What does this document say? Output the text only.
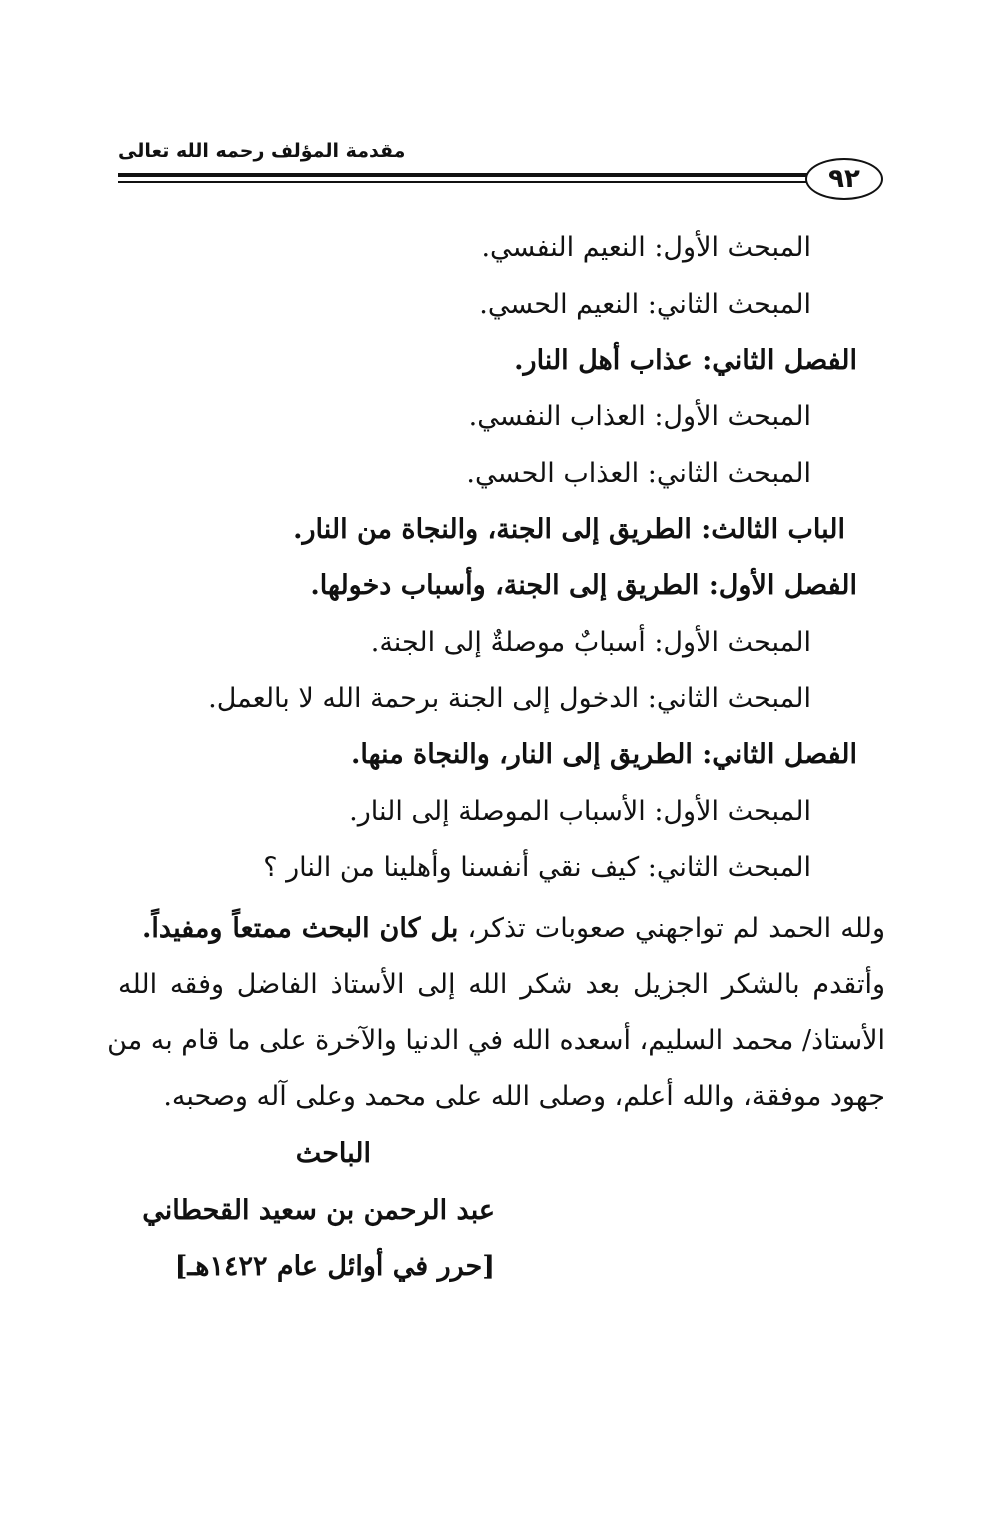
مقدمة المؤلف رحمه الله تعالى
٩٢
المبحث الأول: النعيم النفسي.
المبحث الثاني: النعيم الحسي.
الفصل الثاني: عذاب أهل النار.
المبحث الأول: العذاب النفسي.
المبحث الثاني: العذاب الحسي.
الباب الثالث: الطريق إلى الجنة، والنجاة من النار.
الفصل الأول: الطريق إلى الجنة، وأسباب دخولها.
المبحث الأول: أسبابٌ موصلةٌ إلى الجنة.
المبحث الثاني: الدخول إلى الجنة برحمة الله لا بالعمل.
الفصل الثاني: الطريق إلى النار، والنجاة منها.
المبحث الأول: الأسباب الموصلة إلى النار.
المبحث الثاني: كيف نقي أنفسنا وأهلينا من النار ؟
ولله الحمد لم تواجهني صعوبات تذكر، بل كان البحث ممتعاً ومفيداً.
وأتقدم بالشكر الجزيل بعد شكر الله إلى الأستاذ الفاضل وفقه الله
الأستاذ/ محمد السليم، أسعده الله في الدنيا والآخرة على ما قام به من
جهود موفقة، والله أعلم، وصلى الله على محمد وعلى آله وصحبه.
الباحث
عبد الرحمن بن سعيد القحطاني
[حرر في أوائل عام ١٤٢٢هـ]
